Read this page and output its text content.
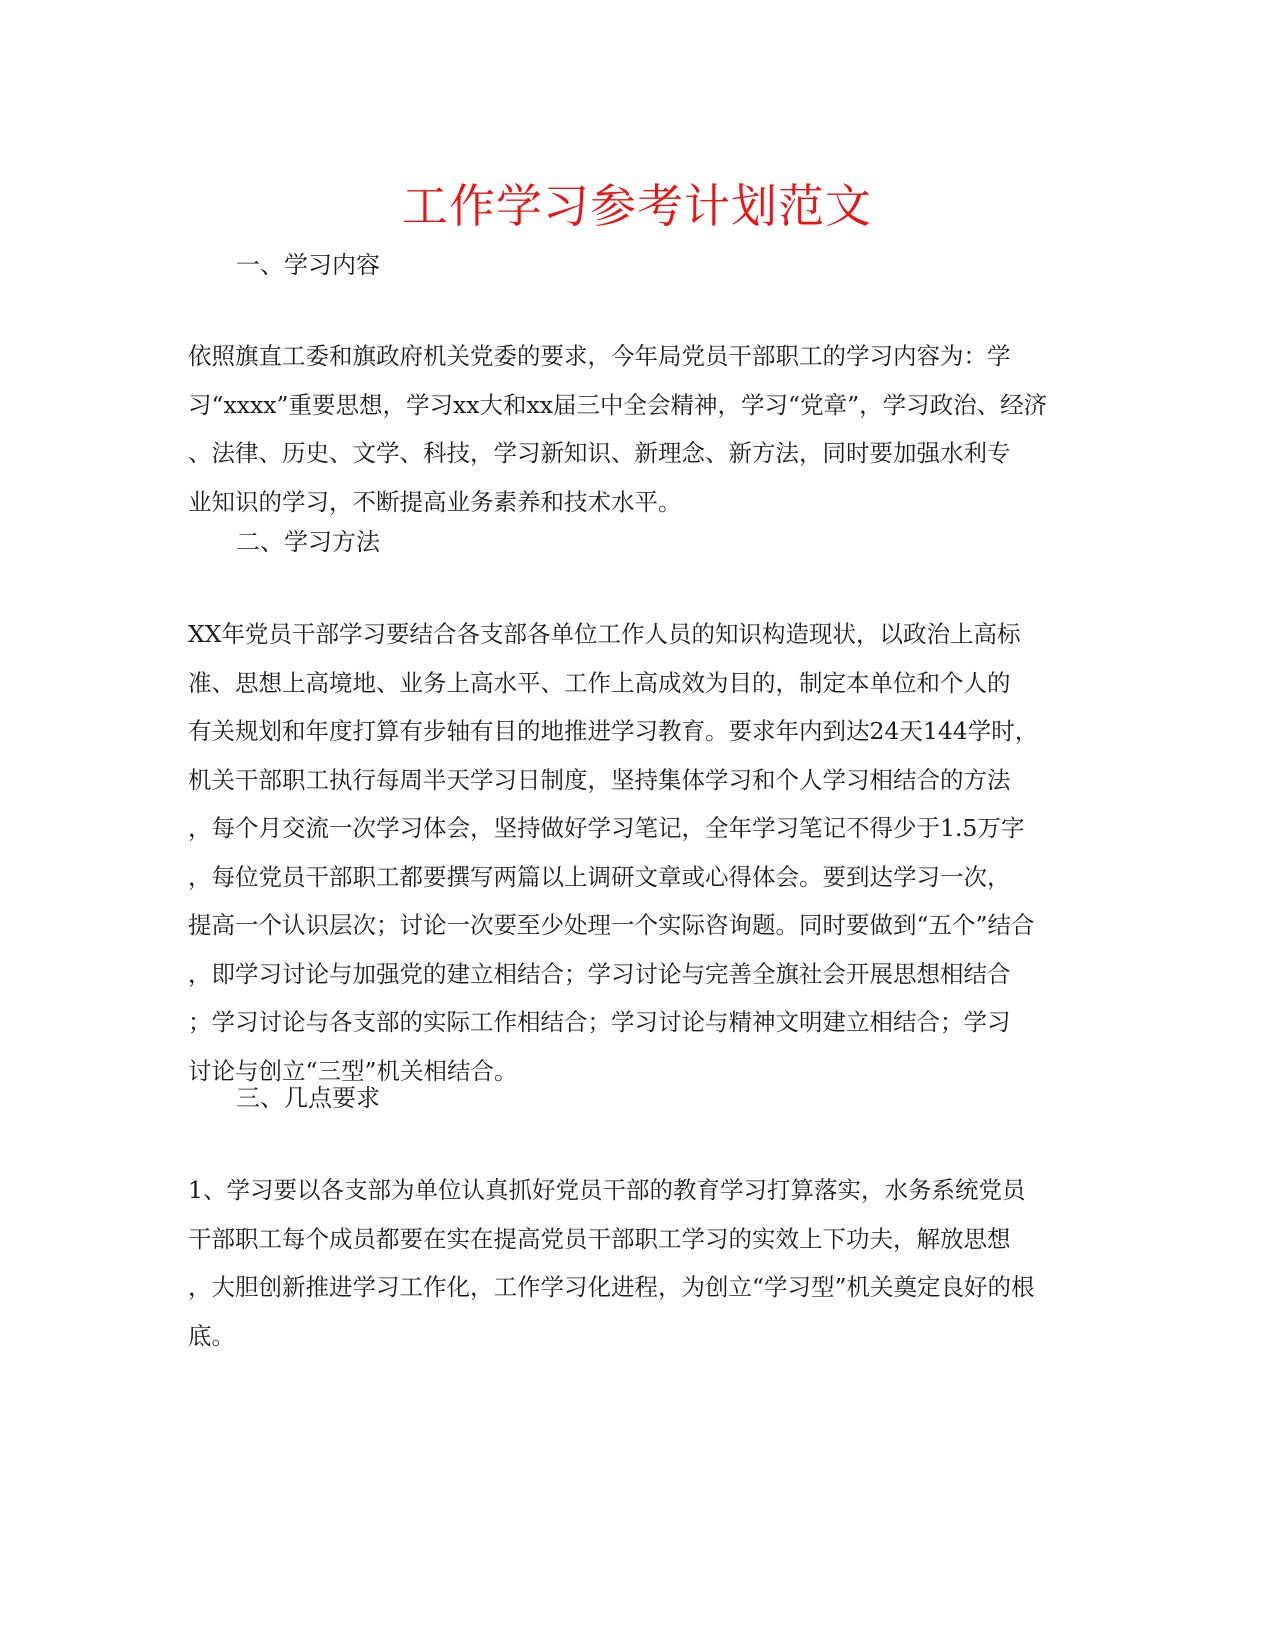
工作学习参考计划范文
一、学习内容
依照旗直工委和旗政府机关党委的要求，今年局党员干部职工的学习内容为：学
习“xxxx”重要思想，学习xx大和xx届三中全会精神，学习“党章”，学习政治、经济
、法律、历史、文学、科技，学习新知识、新理念、新方法，同时要加强水利专
业知识的学习，不断提高业务素养和技术水平。
二、学习方法
XX年党员干部学习要结合各支部各单位工作人员的知识构造现状，以政治上高标
准、思想上高境地、业务上高水平、工作上高成效为目的，制定本单位和个人的
有关规划和年度打算有步轴有目的地推进学习教育。要求年内到达24天144学时，
机关干部职工执行每周半天学习日制度，坚持集体学习和个人学习相结合的方法
，每个月交流一次学习体会，坚持做好学习笔记，全年学习笔记不得少于1.5万字
，每位党员干部职工都要撰写两篇以上调研文章或心得体会。要到达学习一次，
提高一个认识层次；讨论一次要至少处理一个实际咨询题。同时要做到“五个”结合
，即学习讨论与加强党的建立相结合；学习讨论与完善全旗社会开展思想相结合
；学习讨论与各支部的实际工作相结合；学习讨论与精神文明建立相结合；学习
讨论与创立“三型”机关相结合。
三、几点要求
1、学习要以各支部为单位认真抓好党员干部的教育学习打算落实，水务系统党员
干部职工每个成员都要在实在提高党员干部职工学习的实效上下功夫，解放思想
，大胆创新推进学习工作化，工作学习化进程，为创立“学习型”机关奠定良好的根
底。
